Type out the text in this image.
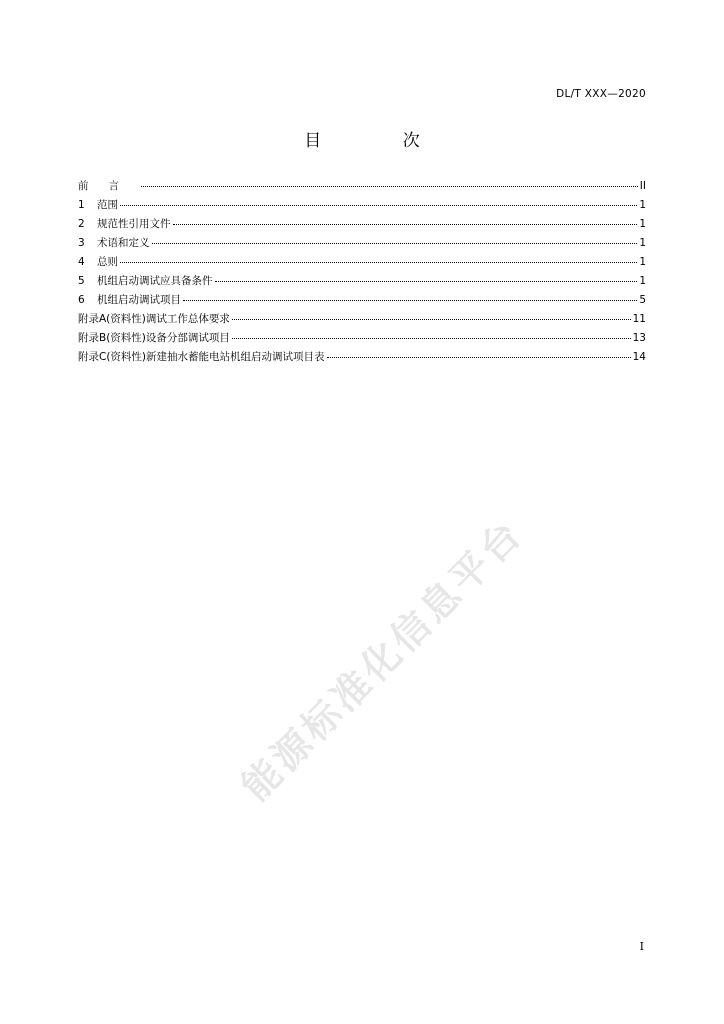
DL/T XXX—2020
目 次
前言	II
1	范围	1
2	规范性引用文件	1
3	术语和定义	1
4	总则	1
5	机组启动调试应具备条件	1
6	机组启动调试项目	5
附录A(资料性)调试工作总体要求	11
附录B(资料性)设备分部调试项目	13
附录C(资料性)新建抽水蓄能电站机组启动调试项目表	14
能源标准化信息平台
I
